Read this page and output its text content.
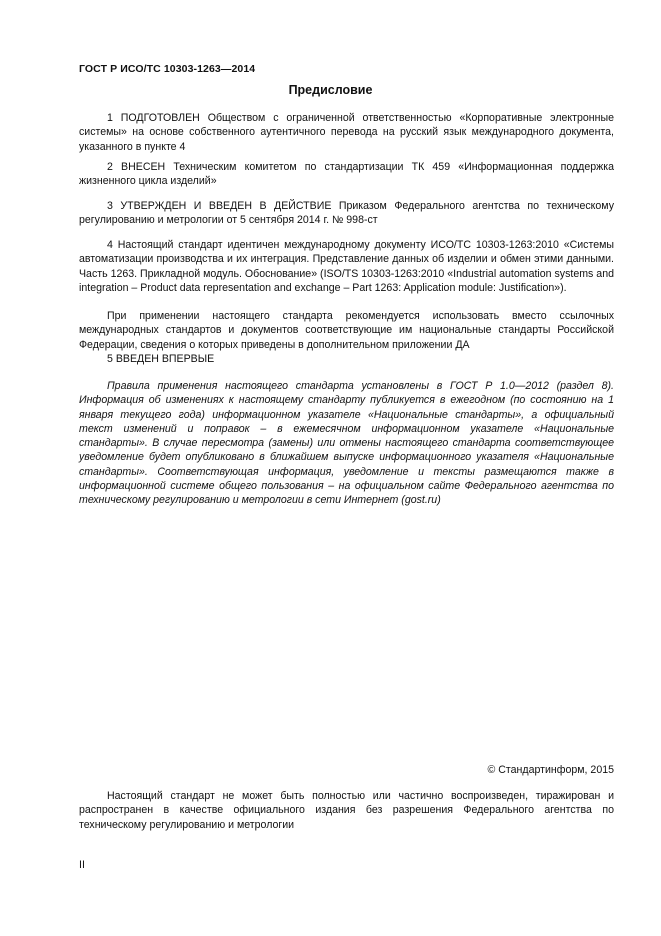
ГОСТ Р ИСО/ТС 10303-1263—2014
Предисловие

1 ПОДГОТОВЛЕН Обществом с ограниченной ответственностью «Корпоративные электронные системы» на основе собственного аутентичного перевода на русский язык международного документа, указанного в пункте 4

2 ВНЕСЕН Техническим комитетом по стандартизации ТК 459 «Информационная поддержка жизненного цикла изделий»

3 УТВЕРЖДЕН И ВВЕДЕН В ДЕЙСТВИЕ Приказом Федерального агентства по техническому регулированию и метрологии от 5 сентября 2014 г. № 998-ст

4 Настоящий стандарт идентичен международному документу ИСО/ТС 10303-1263:2010 «Системы автоматизации производства и их интеграция. Представление данных об изделии и обмен этими данными. Часть 1263. Прикладной модуль. Обоснование» (ISO/TS 10303-1263:2010 «Industrial automation systems and integration – Product data representation and exchange – Part 1263: Application module: Justification»).

При применении настоящего стандарта рекомендуется использовать вместо ссылочных международных стандартов и документов соответствующие им национальные стандарты Российской Федерации, сведения о которых приведены в дополнительном приложении ДА

5 ВВЕДЕН ВПЕРВЫЕ

Правила применения настоящего стандарта установлены в ГОСТ Р 1.0—2012 (раздел 8). Информация об изменениях к настоящему стандарту публикуется в ежегодном (по состоянию на 1 января текущего года) информационном указателе «Национальные стандарты», а официальный текст изменений и поправок – в ежемесячном информационном указателе «Национальные стандарты». В случае пересмотра (замены) или отмены настоящего стандарта соответствующее уведомление будет опубликовано в ближайшем выпуске информационного указателя «Национальные стандарты». Соответствующая информация, уведомление и тексты размещаются также в информационной системе общего пользования – на официальном сайте Федерального агентства по техническому регулированию и метрологии в сети Интернет (gost.ru)

© Стандартинформ, 2015

Настоящий стандарт не может быть полностью или частично воспроизведен, тиражирован и распространен в качестве официального издания без разрешения Федерального агентства по техническому регулированию и метрологии

II
